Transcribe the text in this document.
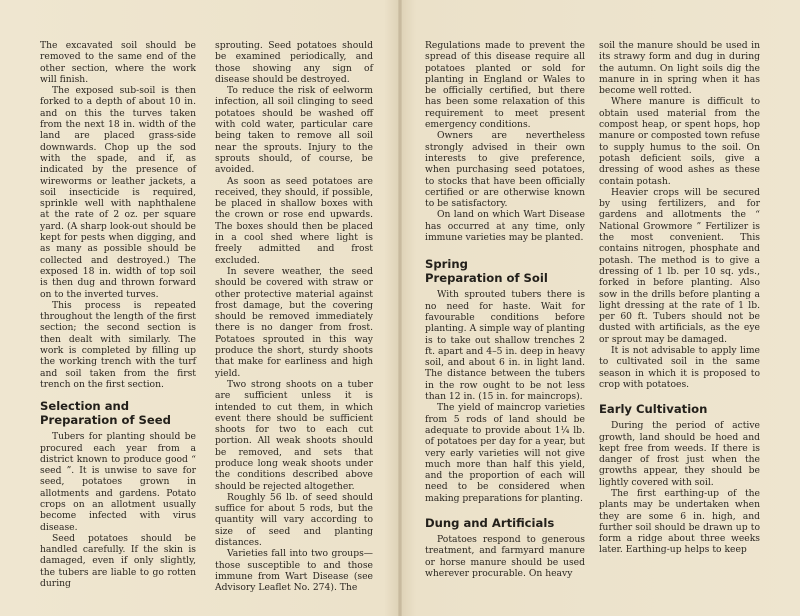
The excavated soil should be removed to the same end of the other section, where the work will finish.

The exposed sub-soil is then forked to a depth of about 10 in. and on this the turves taken from the next 18 in. width of the land are placed grass-side downwards. Chop up the sod with the spade, and if, as indicated by the presence of wireworms or leather jackets, a soil insecticide is required, sprinkle well with naphthalene at the rate of 2 oz. per square yard. (A sharp look-out should be kept for pests when digging, and as many as possible should be collected and destroyed.) The exposed 18 in. width of top soil is then dug and thrown forward on to the inverted turves.

This process is repeated throughout the length of the first section; the second section is then dealt with similarly. The work is completed by filling up the working trench with the turf and soil taken from the first trench on the first section.

Selection and
Preparation of Seed

Tubers for planting should be procured each year from a district known to produce good “ seed ”. It is unwise to save for seed, potatoes grown in allotments and gardens. Potato crops on an allotment usually become infected with virus disease.

Seed potatoes should be handled carefully. If the skin is damaged, even if only slightly, the tubers are liable to go rotten during

sprouting. Seed potatoes should be examined periodically, and those showing any sign of disease should be destroyed.

To reduce the risk of eelworm infection, all soil clinging to seed potatoes should be washed off with cold water, particular care being taken to remove all soil near the sprouts. Injury to the sprouts should, of course, be avoided.

As soon as seed potatoes are received, they should, if possible, be placed in shallow boxes with the crown or rose end upwards. The boxes should then be placed in a cool shed where light is freely admitted and frost excluded.

In severe weather, the seed should be covered with straw or other protective material against frost damage, but the covering should be removed immediately there is no danger from frost. Potatoes sprouted in this way produce the short, sturdy shoots that make for earliness and high yield.

Two strong shoots on a tuber are sufficient unless it is intended to cut them, in which event there should be sufficient shoots for two to each cut portion. All weak shoots should be removed, and sets that produce long weak shoots under the conditions described above should be rejected altogether.

Roughly 56 lb. of seed should suffice for about 5 rods, but the quantity will vary according to size of seed and planting distances.

Varieties fall into two groups—those susceptible to and those immune from Wart Disease (see Advisory Leaflet No. 274). The

Regulations made to prevent the spread of this disease require all potatoes planted or sold for planting in England or Wales to be officially certified, but there has been some relaxation of this requirement to meet present emergency conditions.

Owners are nevertheless strongly advised in their own interests to give preference, when purchasing seed potatoes, to stocks that have been officially certified or are otherwise known to be satisfactory.

On land on which Wart Disease has occurred at any time, only immune varieties may be planted.

Spring
Preparation of Soil

With sprouted tubers there is no need for haste. Wait for favourable conditions before planting. A simple way of planting is to take out shallow trenches 2 ft. apart and 4–5 in. deep in heavy soil, and about 6 in. in light land. The distance between the tubers in the row ought to be not less than 12 in. (15 in. for maincrops).

The yield of maincrop varieties from 5 rods of land should be adequate to provide about 1¼ lb. of potatoes per day for a year, but very early varieties will not give much more than half this yield, and the proportion of each will need to be considered when making preparations for planting.

Dung and Artificials

Potatoes respond to generous treatment, and farmyard manure or horse manure should be used wherever procurable. On heavy

soil the manure should be used in its strawy form and dug in during the autumn. On light soils dig the manure in in spring when it has become well rotted.

Where manure is difficult to obtain used material from the compost heap, or spent hops, hop manure or composted town refuse to supply humus to the soil. On potash deficient soils, give a dressing of wood ashes as these contain potash.

Heavier crops will be secured by using fertilizers, and for gardens and allotments the “ National Growmore ” Fertilizer is the most convenient. This contains nitrogen, phosphate and potash. The method is to give a dressing of 1 lb. per 10 sq. yds., forked in before planting. Also sow in the drills before planting a light dressing at the rate of 1 lb. per 60 ft. Tubers should not be dusted with artificials, as the eye or sprout may be damaged.

It is not advisable to apply lime to cultivated soil in the same season in which it is proposed to crop with potatoes.

Early Cultivation

During the period of active growth, land should be hoed and kept free from weeds. If there is danger of frost just when the growths appear, they should be lightly covered with soil.

The first earthing-up of the plants may be undertaken when they are some 6 in. high, and further soil should be drawn up to form a ridge about three weeks later. Earthing-up helps to keep
